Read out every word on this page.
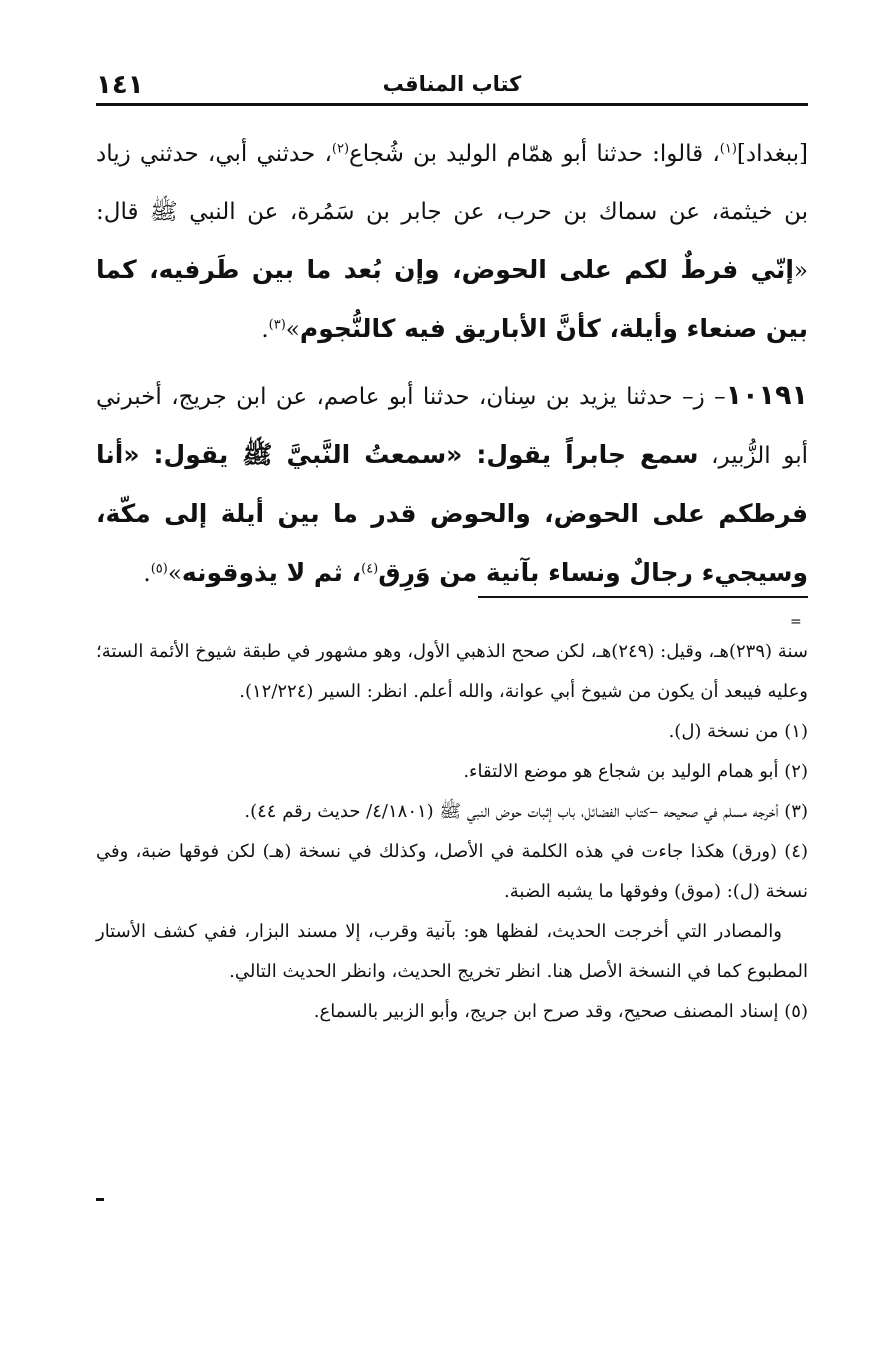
١٤١	كتاب المناقب

[ببغداد]$^{(١)}$، قالوا: حدثنا أبو همّام الوليد بن شُجاع$^{(٢)}$، حدثني أبي، حدثني زياد بن خيثمة، عن سماك بن حرب، عن جابر بن سَمُرة، عن النبي ﷺ قال: «إنّي فرطٌ لكم على الحوض، وإن بُعد ما بين طَرفيه، كما بين صنعاء وأيلة، كأنَّ الأباريق فيه كالنُّجوم»$^{(٣)}$.

١٠١٩١– ز– حدثنا يزيد بن سِنان، حدثنا أبو عاصم، عن ابن جريج، أخبرني أبو الزُّبير، سمع جابراً يقول: «سمعتُ النَّبيَّ ﷺ يقول: «أنا فرطكم على الحوض، والحوض قدر ما بين أيلة إلى مكّة، وسيجيء رجالٌ ونساء بآنية من وَرِق$^{(٤)}$، ثم لا يذوقونه»$^{(٥)}$.

=

سنة (٢٣٩)هـ، وقيل: (٢٤٩)هـ، لكن صحح الذهبي الأول، وهو مشهور في طبقة شيوخ الأئمة الستة؛ وعليه فيبعد أن يكون من شيوخ أبي عوانة، والله أعلم. انظر: السير (١٢/٢٢٤).

(١) من نسخة (ل).

(٢) أبو همام الوليد بن شجاع هو موضع الالتقاء.

(٣) أخرجه مسلم في صحيحه –كتاب الفضائل، باب إثبات حوض النبي ﷺ (٤/١٨٠١/ حديث رقم ٤٤).

(٤) (ورق) هكذا جاءت في هذه الكلمة في الأصل، وكذلك في نسخة (هـ) لكن فوقها ضبة، وفي نسخة (ل): (موق) وفوقها ما يشبه الضبة.

والمصادر التي أخرجت الحديث، لفظها هو: بآنية وقرب، إلا مسند البزار، ففي كشف الأستار المطبوع كما في النسخة الأصل هنا. انظر تخريج الحديث، وانظر الحديث التالي.

(٥) إسناد المصنف صحيح، وقد صرح ابن جريج، وأبو الزبير بالسماع.
